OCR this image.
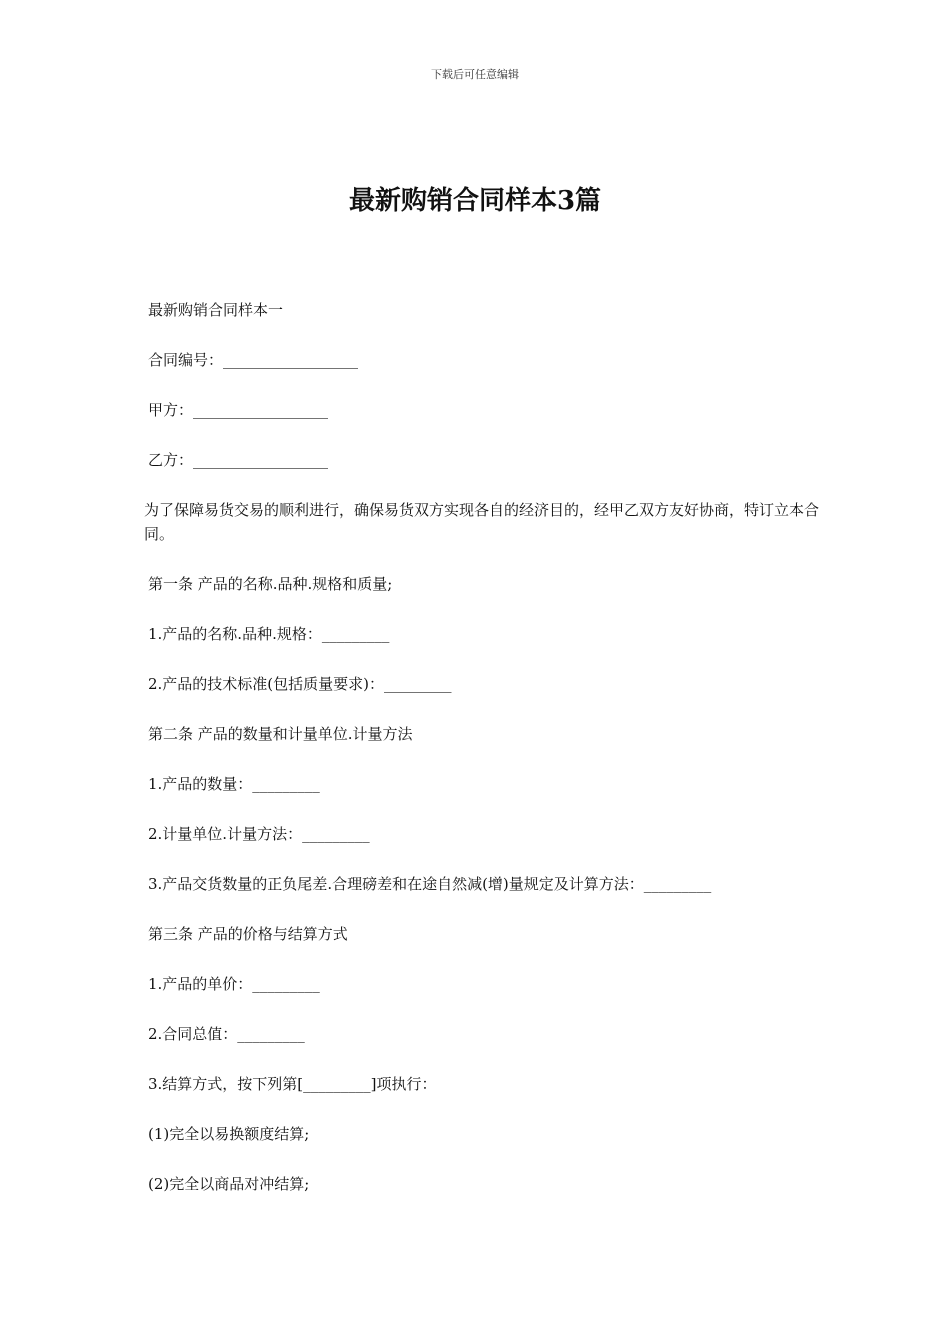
下载后可任意编辑
最新购销合同样本3篇

最新购销合同样本一

合同编号：__________________

甲方：__________________

乙方：__________________

为了保障易货交易的顺利进行，确保易货双方实现各自的经济目的，经甲乙双方友好协商，特订立本合同。

第一条 产品的名称.品种.规格和质量;

1.产品的名称.品种.规格：_________

2.产品的技术标准(包括质量要求)：_________

第二条 产品的数量和计量单位.计量方法

1.产品的数量：_________

2.计量单位.计量方法：_________

3.产品交货数量的正负尾差.合理磅差和在途自然减(增)量规定及计算方法：_________

第三条 产品的价格与结算方式

1.产品的单价：_________

2.合同总值：_________

3.结算方式，按下列第[_________]项执行：

(1)完全以易换额度结算;

(2)完全以商品对冲结算;
